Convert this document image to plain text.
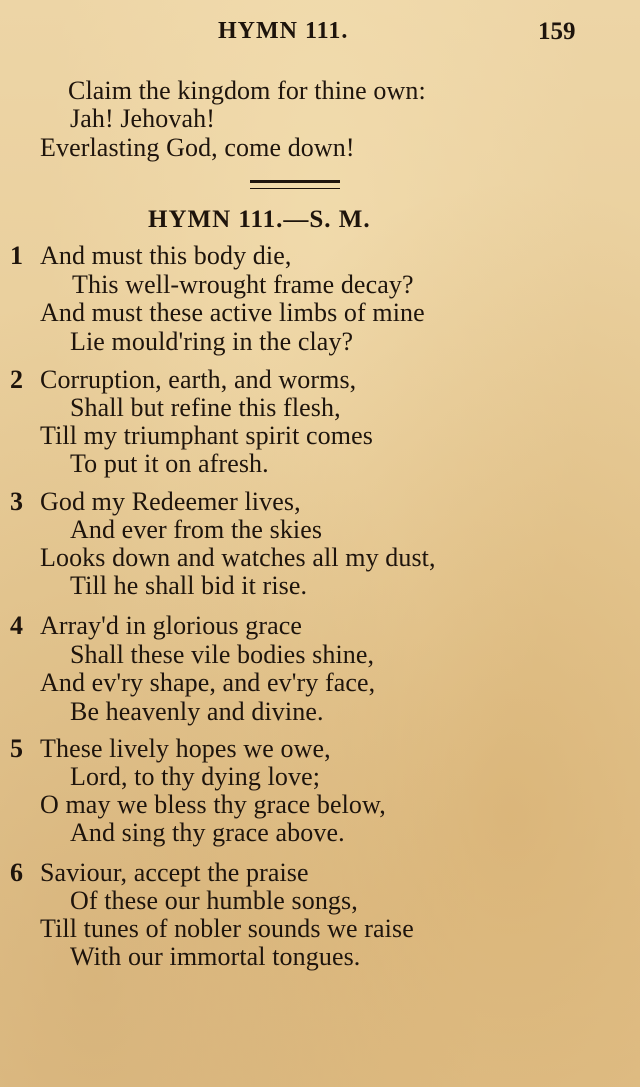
HYMN 111.	159
Claim the kingdom for thine own:
Jah! Jehovah!
Everlasting God, come down!
HYMN 111.—S. M.
1 And must this body die,
This well-wrought frame decay?
And must these active limbs of mine
Lie mould'ring in the clay?
2 Corruption, earth, and worms,
Shall but refine this flesh,
Till my triumphant spirit comes
To put it on afresh.
3 God my Redeemer lives,
And ever from the skies
Looks down and watches all my dust,
Till he shall bid it rise.
4 Array'd in glorious grace
Shall these vile bodies shine,
And ev'ry shape, and ev'ry face,
Be heavenly and divine.
5 These lively hopes we owe,
Lord, to thy dying love;
O may we bless thy grace below,
And sing thy grace above.
6 Saviour, accept the praise
Of these our humble songs,
Till tunes of nobler sounds we raise
With our immortal tongues.
